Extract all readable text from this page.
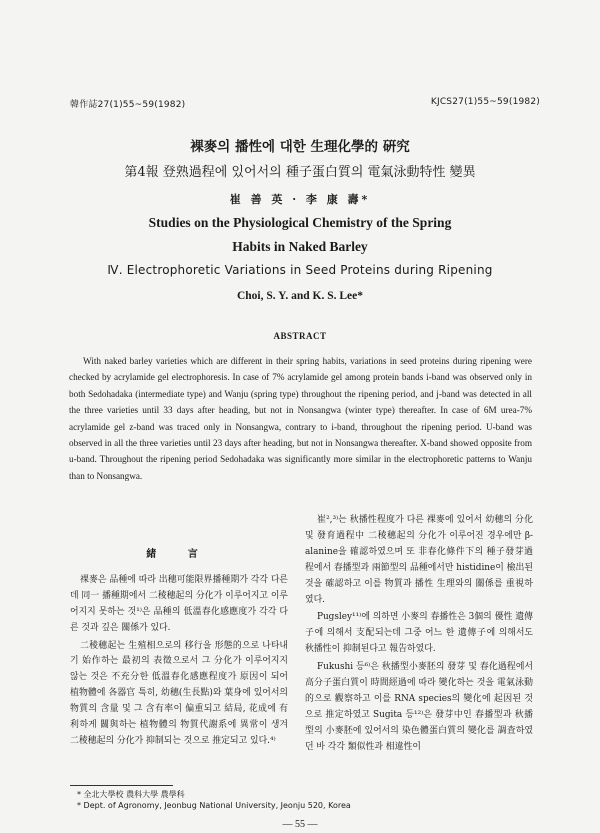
韓作誌27(1)55~59(1982)	KJCS27(1)55~59(1982)
裸麥의 播性에 대한 生理化學的 硏究
第4報 登熟過程에 있어서의 種子蛋白質의 電氣泳動特性 變異
崔 善 英 · 李 康 壽*
Studies on the Physiological Chemistry of the Spring
Habits in Naked Barley
Ⅳ. Electrophoretic Variations in Seed Proteins during Ripening
Choi, S. Y. and K. S. Lee*
ABSTRACT
With naked barley varieties which are different in their spring habits, variations in seed proteins during ripening were checked by acrylamide gel electrophoresis. In case of 7% acrylamide gel among protein bands i-band was observed only in both Sedohadaka (intermediate type) and Wanju (spring type) throughout the ripening period, and j-band was detected in all the three varieties until 33 days after heading, but not in Nonsangwa (winter type) thereafter. In case of 6M urea-7% acrylamide gel z-band was traced only in Nonsangwa, contrary to i-band, throughout the ripening period. U-band was observed in all the three varieties until 23 days after heading, but not in Nonsangwa thereafter. X-band showed opposite from u-band. Throughout the ripening period Sedohadaka was significantly more similar in the electrophoretic patterns to Wanju than to Nonsangwa.
緒 言

裸麥은 品種에 따라 出穗可能限界播種期가 각각 다른데 同一 播種期에서 二稜穗起의 分化가 이루어지고 이루어지지 못하는 것¹⁾은 品種의 低溫春化感應度가 각각 다른 것과 깊은 關係가 있다.

二稜穗起는 生殖相으로의 移行을 形態的으로 나타내기 始作하는 最初의 表徵으로서 그 分化가 이루어지지 않는 것은 不充分한 低溫春化感應程度가 原因이 되어 植物體에 各器官 특히, 幼穗(生長點)와 葉身에 있어서의 物質의 含量 및 그 含有率이 偏重되고 結局, 花成에 有利하게 關與하는 植物體의 物質代謝系에 異常이 생겨 二稜穗起의 分化가 抑制되는 것으로 推定되고 있다.⁴⁾

崔²,³⁾는 秋播性程度가 다른 裸麥에 있어서 幼穗의 分化 및 發育過程中 二稜穗起의 分化가 이루어진 경우에만 β-alanine을 確認하였으며 또 非春化條件下의 種子發芽過程에서 春播型과 兩節型의 品種에서만 histidine이 檢出된 것을 確認하고 이를 物質과 播性 生理와의 關係를 重視하였다.

Pugsley¹¹⁾에 의하면 小麥의 春播性은 3個의 優性 遺傳子에 의해서 支配되는데 그중 어느 한 遺傳子에 의해서도 秋播性이 抑制된다고 報告하였다.

Fukushi 등⁶⁾은 秋播型小麥胚의 發芽 및 春化過程에서 高分子蛋白質이 時間經過에 따라 變化하는 것을 電氣泳動的으로 觀察하고 이를 RNA species의 變化에 起因된 것으로 推定하였고 Sugita 등¹²⁾은 發芽中인 春播型과 秋播型의 小麥胚에 있어서의 染色體蛋白質의 變化를 調査하였던 바 각각 類似性과 相違性이

* 全北大學校 農科大學 農學科
* Dept. of Agronomy, Jeonbug National University, Jeonju 520, Korea
— 55 —
